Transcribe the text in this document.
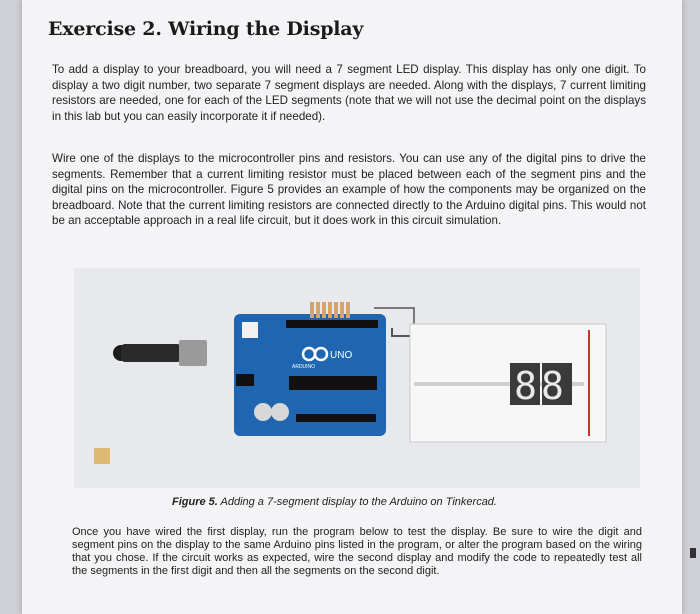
Exercise 2. Wiring the Display

To add a display to your breadboard, you will need a 7 segment LED display. This display has only one digit. To display a two digit number, two separate 7 segment displays are needed. Along with the displays, 7 current limiting resistors are needed, one for each of the LED segments (note that we will not use the decimal point on the displays in this lab but you can easily incorporate it if needed).

Wire one of the displays to the microcontroller pins and resistors. You can use any of the digital pins to drive the segments. Remember that a current limiting resistor must be placed between each of the segment pins and the digital pins on the microcontroller. Figure 5 provides an example of how the components may be organized on the breadboard. Note that the current limiting resistors are connected directly to the Arduino digital pins. This would not be an acceptable approach in a real life circuit, but it does work in this circuit simulation.

UNO
ARDUINO	88
Figure 5. Adding a 7-segment display to the Arduino on Tinkercad.

Once you have wired the first display, run the program below to test the display. Be sure to wire the digit and segment pins on the display to the same Arduino pins listed in the program, or alter the program based on the wiring that you chose. If the circuit works as expected, wire the second display and modify the code to repeatedly test all the segments in the first digit and then all the segments on the second digit.
